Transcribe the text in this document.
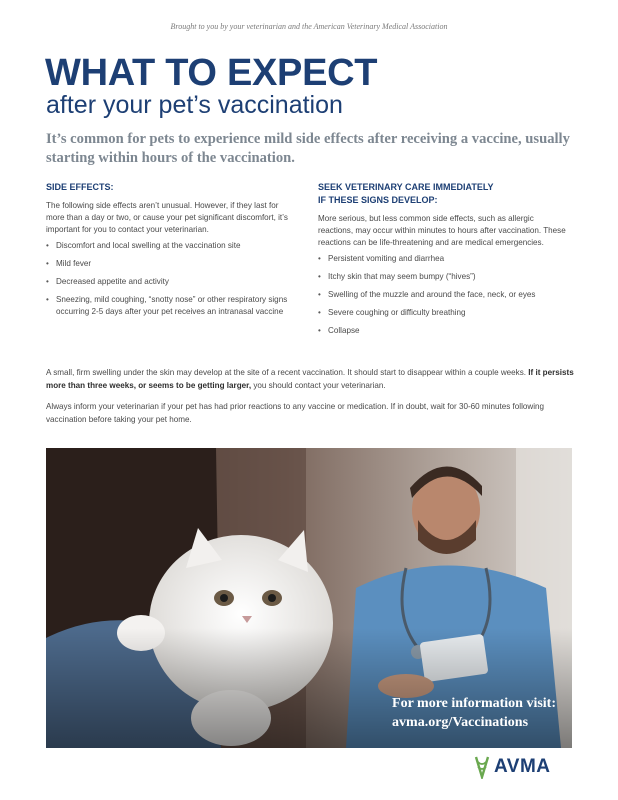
Brought to you by your veterinarian and the American Veterinary Medical Association
WHAT TO EXPECT
after your pet’s vaccination
It’s common for pets to experience mild side effects after receiving a vaccine, usually starting within hours of the vaccination.
SIDE EFFECTS:

The following side effects aren’t unusual. However, if they last for more than a day or two, or cause your pet significant discomfort, it’s important for you to contact your veterinarian.

• Discomfort and local swelling at the vaccination site
• Mild fever
• Decreased appetite and activity
• Sneezing, mild coughing, “snotty nose” or other respiratory signs occurring 2-5 days after your pet receives an intranasal vaccine
SEEK VETERINARY CARE IMMEDIATELY
IF THESE SIGNS DEVELOP:

More serious, but less common side effects, such as allergic reactions, may occur within minutes to hours after vaccination. These reactions can be life-threatening and are medical emergencies.

• Persistent vomiting and diarrhea
• Itchy skin that may seem bumpy (“hives”)
• Swelling of the muzzle and around the face, neck, or eyes
• Severe coughing or difficulty breathing
• Collapse
A small, firm swelling under the skin may develop at the site of a recent vaccination. It should start to disappear within a couple weeks. If it persists more than three weeks, or seems to be getting larger, you should contact your veterinarian.
Always inform your veterinarian if your pet has had prior reactions to any vaccine or medication. If in doubt, wait for 30-60 minutes following vaccination before taking your pet home.
For more information visit:
avma.org/Vaccinations
AVMA
